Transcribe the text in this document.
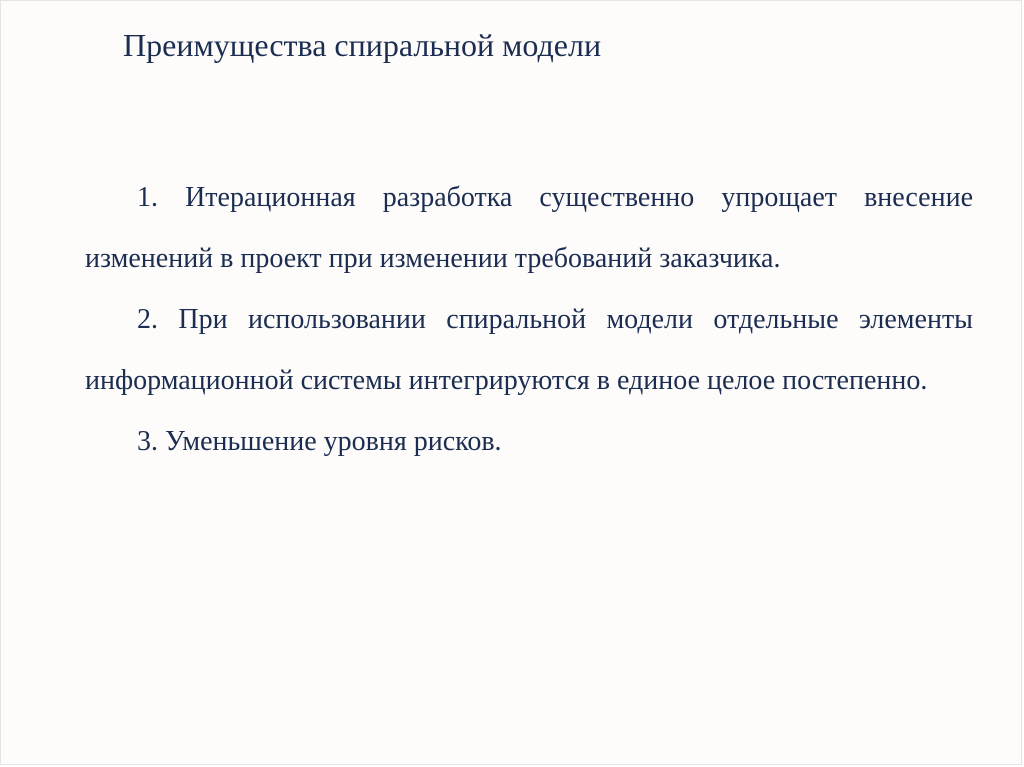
Преимущества спиральной модели

1. Итерационная разработка существенно упрощает внесение изменений в проект при изменении требований заказчика.

2. При использовании спиральной модели отдельные элементы информационной системы интегрируются в единое целое постепенно.

3. Уменьшение уровня рисков.
